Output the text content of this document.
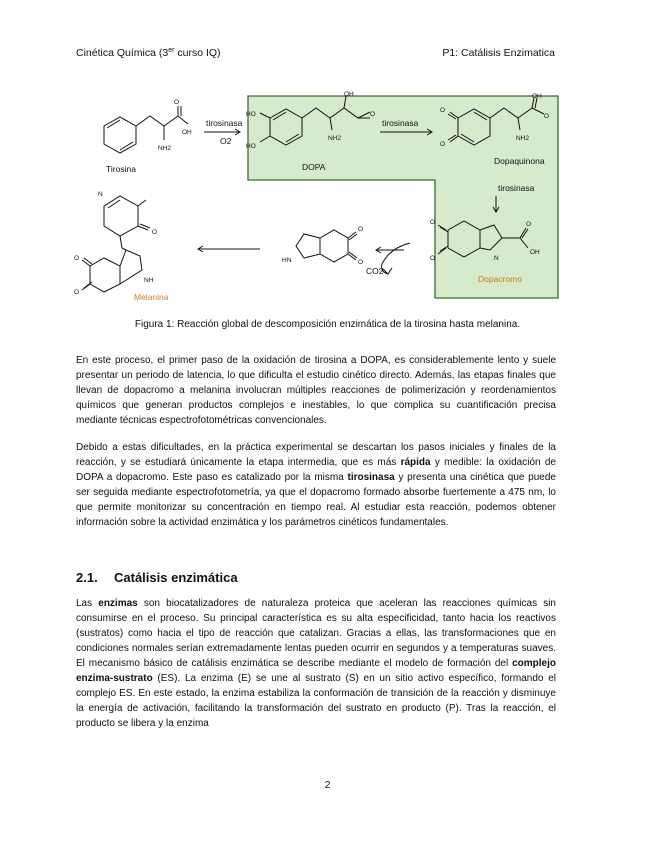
Cinética Química (3er curso IQ)	P1: Catálisis Enzimatica
OH
O
NH2
HO
HO
OH
O
NH2
O
O
NH2
OH
O
O
O	N
O
OH
O
O
HN
N
O
O
O
NH
Tirosina
tirosinasa
O2
DOPA
tirosinasa
Dopaquinona
tirosinasa
Dopacromo
CO2
Melanina
Figura 1: Reacción global de descomposición enzimática de la tirosina hasta melanina.

En este proceso, el primer paso de la oxidación de tirosina a DOPA, es considerablemente lento y suele presentar un periodo de latencia, lo que dificulta el estudio cinético directo. Además, las etapas finales que llevan de dopacromo a melanina involucran múltiples reacciones de polimerización y reordenamientos químicos que generan productos complejos e inestables, lo que complica su cuantificación precisa mediante técnicas espectrofotométricas convencionales.

Debido a estas dificultades, en la práctica experimental se descartan los pasos iniciales y finales de la reacción, y se estudiará únicamente la etapa intermedia, que es más rápida y medible: la oxidación de DOPA a dopacromo. Este paso es catalizado por la misma tirosinasa y presenta una cinética que puede ser seguida mediante espectrofotometría, ya que el dopacromo formado absorbe fuertemente a 475 nm, lo que permite monitorizar su concentración en tiempo real. Al estudiar esta reacción, podemos obtener información sobre la actividad enzimática y los parámetros cinéticos fundamentales.

2.1. Catálisis enzimática

Las enzimas son biocatalizadores de naturaleza proteica que aceleran las reacciones químicas sin consumirse en el proceso. Su principal característica es su alta especificidad, tanto hacia los reactivos (sustratos) como hacia el tipo de reacción que catalizan. Gracias a ellas, las transformaciones que en condiciones normales serían extremadamente lentas pueden ocurrir en segundos y a temperaturas suaves. El mecanismo básico de catálisis enzimática se describe mediante el modelo de formación del complejo enzima-sustrato (ES). La enzima (E) se une al sustrato (S) en un sitio activo específico, formando el complejo ES. En este estado, la enzima estabiliza la conformación de transición de la reacción y disminuye la energía de activación, facilitando la transformación del sustrato en producto (P). Tras la reacción, el producto se libera y la enzima

2
